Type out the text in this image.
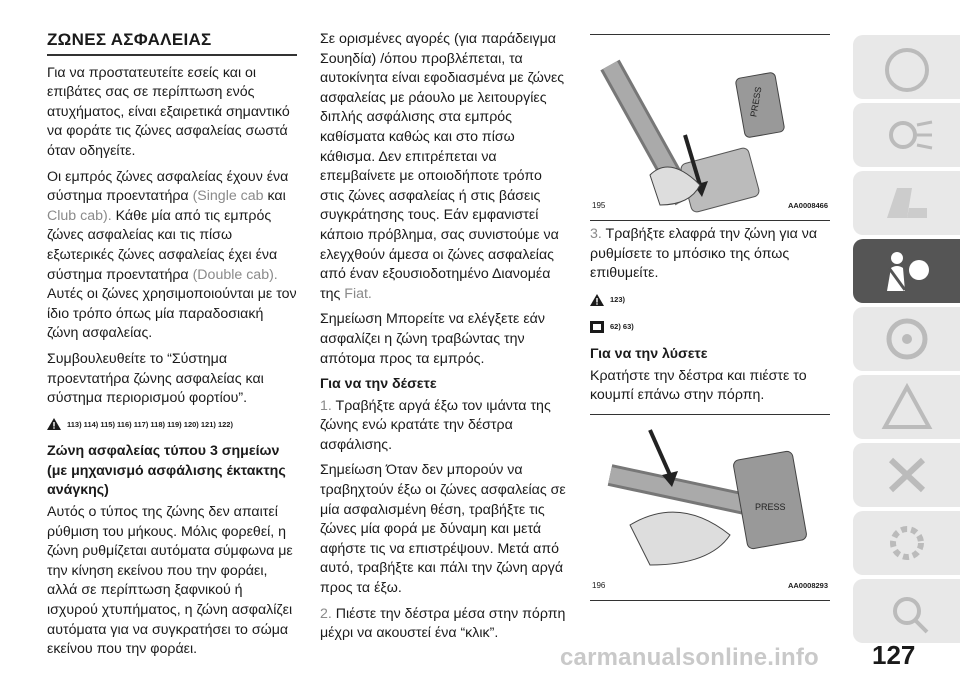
ΖΩΝΕΣ ΑΣΦΑΛΕΙΑΣ

Για να προστατευτείτε εσείς και οι επιβάτες σας σε περίπτωση ενός ατυχήματος, είναι εξαιρετικά σημαντικό να φοράτε τις ζώνες ασφαλείας σωστά όταν οδηγείτε.

Οι εμπρός ζώνες ασφαλείας έχουν ένα σύστημα προεντατήρα (Single cab και Club cab). Κάθε μία από τις εμπρός ζώνες ασφαλείας και τις πίσω εξωτερικές ζώνες ασφαλείας έχει ένα σύστημα προεντατήρα (Double cab). Αυτές οι ζώνες χρησιμοποιούνται με τον ίδιο τρόπο όπως μία παραδοσιακή ζώνη ασφαλείας.

Συμβουλευθείτε το “Σύστημα προεντατήρα ζώνης ασφαλείας και σύστημα περιορισμού φορτίου”.

113) 114) 115) 116) 117) 118) 119) 120) 121) 122)
Ζώνη ασφαλείας τύπου 3 σημείων (με μηχανισμό ασφάλισης έκτακτης ανάγκης)

Αυτός ο τύπος της ζώνης δεν απαιτεί ρύθμιση του μήκους. Μόλις φορεθεί, η ζώνη ρυθμίζεται αυτόματα σύμφωνα με την κίνηση εκείνου που την φοράει, αλλά σε περίπτωση ξαφνικού ή ισχυρού χτυπήματος, η ζώνη ασφαλίζει αυτόματα για να συγκρατήσει το σώμα εκείνου που την φοράει.

Σε ορισμένες αγορές (για παράδειγμα Σουηδία) /όπου προβλέπεται, τα αυτοκίνητα είναι εφοδιασμένα με ζώνες ασφαλείας με ράουλο με λειτουργίες διπλής ασφάλισης στα εμπρός καθίσματα καθώς και στο πίσω κάθισμα. Δεν επιτρέπεται να επεμβαίνετε με οποιοδήποτε τρόπο στις ζώνες ασφαλείας ή στις βάσεις συγκράτησης τους. Εάν εμφανιστεί κάποιο πρόβλημα, σας συνιστούμε να ελεγχθούν άμεσα οι ζώνες ασφαλείας από έναν εξουσιοδοτημένο Διανομέα της Fiat.

Σημείωση Μπορείτε να ελέγξετε εάν ασφαλίζει η ζώνη τραβώντας την απότομα προς τα εμπρός.

Για να την δέσετε

1. Τραβήξτε αργά έξω τον ιμάντα της ζώνης ενώ κρατάτε την δέστρα ασφάλισης.

Σημείωση Όταν δεν μπορούν να τραβηχτούν έξω οι ζώνες ασφαλείας σε μία ασφαλισμένη θέση, τραβήξτε τις ζώνες μία φορά με δύναμη και μετά αφήστε τις να επιστρέψουν. Μετά από αυτό, τραβήξτε και πάλι την ζώνη αργά προς τα έξω.

2. Πιέστε την δέστρα μέσα στην πόρπη μέχρι να ακουστεί ένα “κλικ”.

PRESS
195	AA0008466

3. Τραβήξτε ελαφρά την ζώνη για να ρυθμίσετε το μπόσικο της όπως επιθυμείτε.

123)
62) 63)
Για να την λύσετε

Κρατήστε την δέστρα και πιέστε το κουμπί επάνω στην πόρπη.

PRESS
196	AA0008293
carmanualsonline.info 127
